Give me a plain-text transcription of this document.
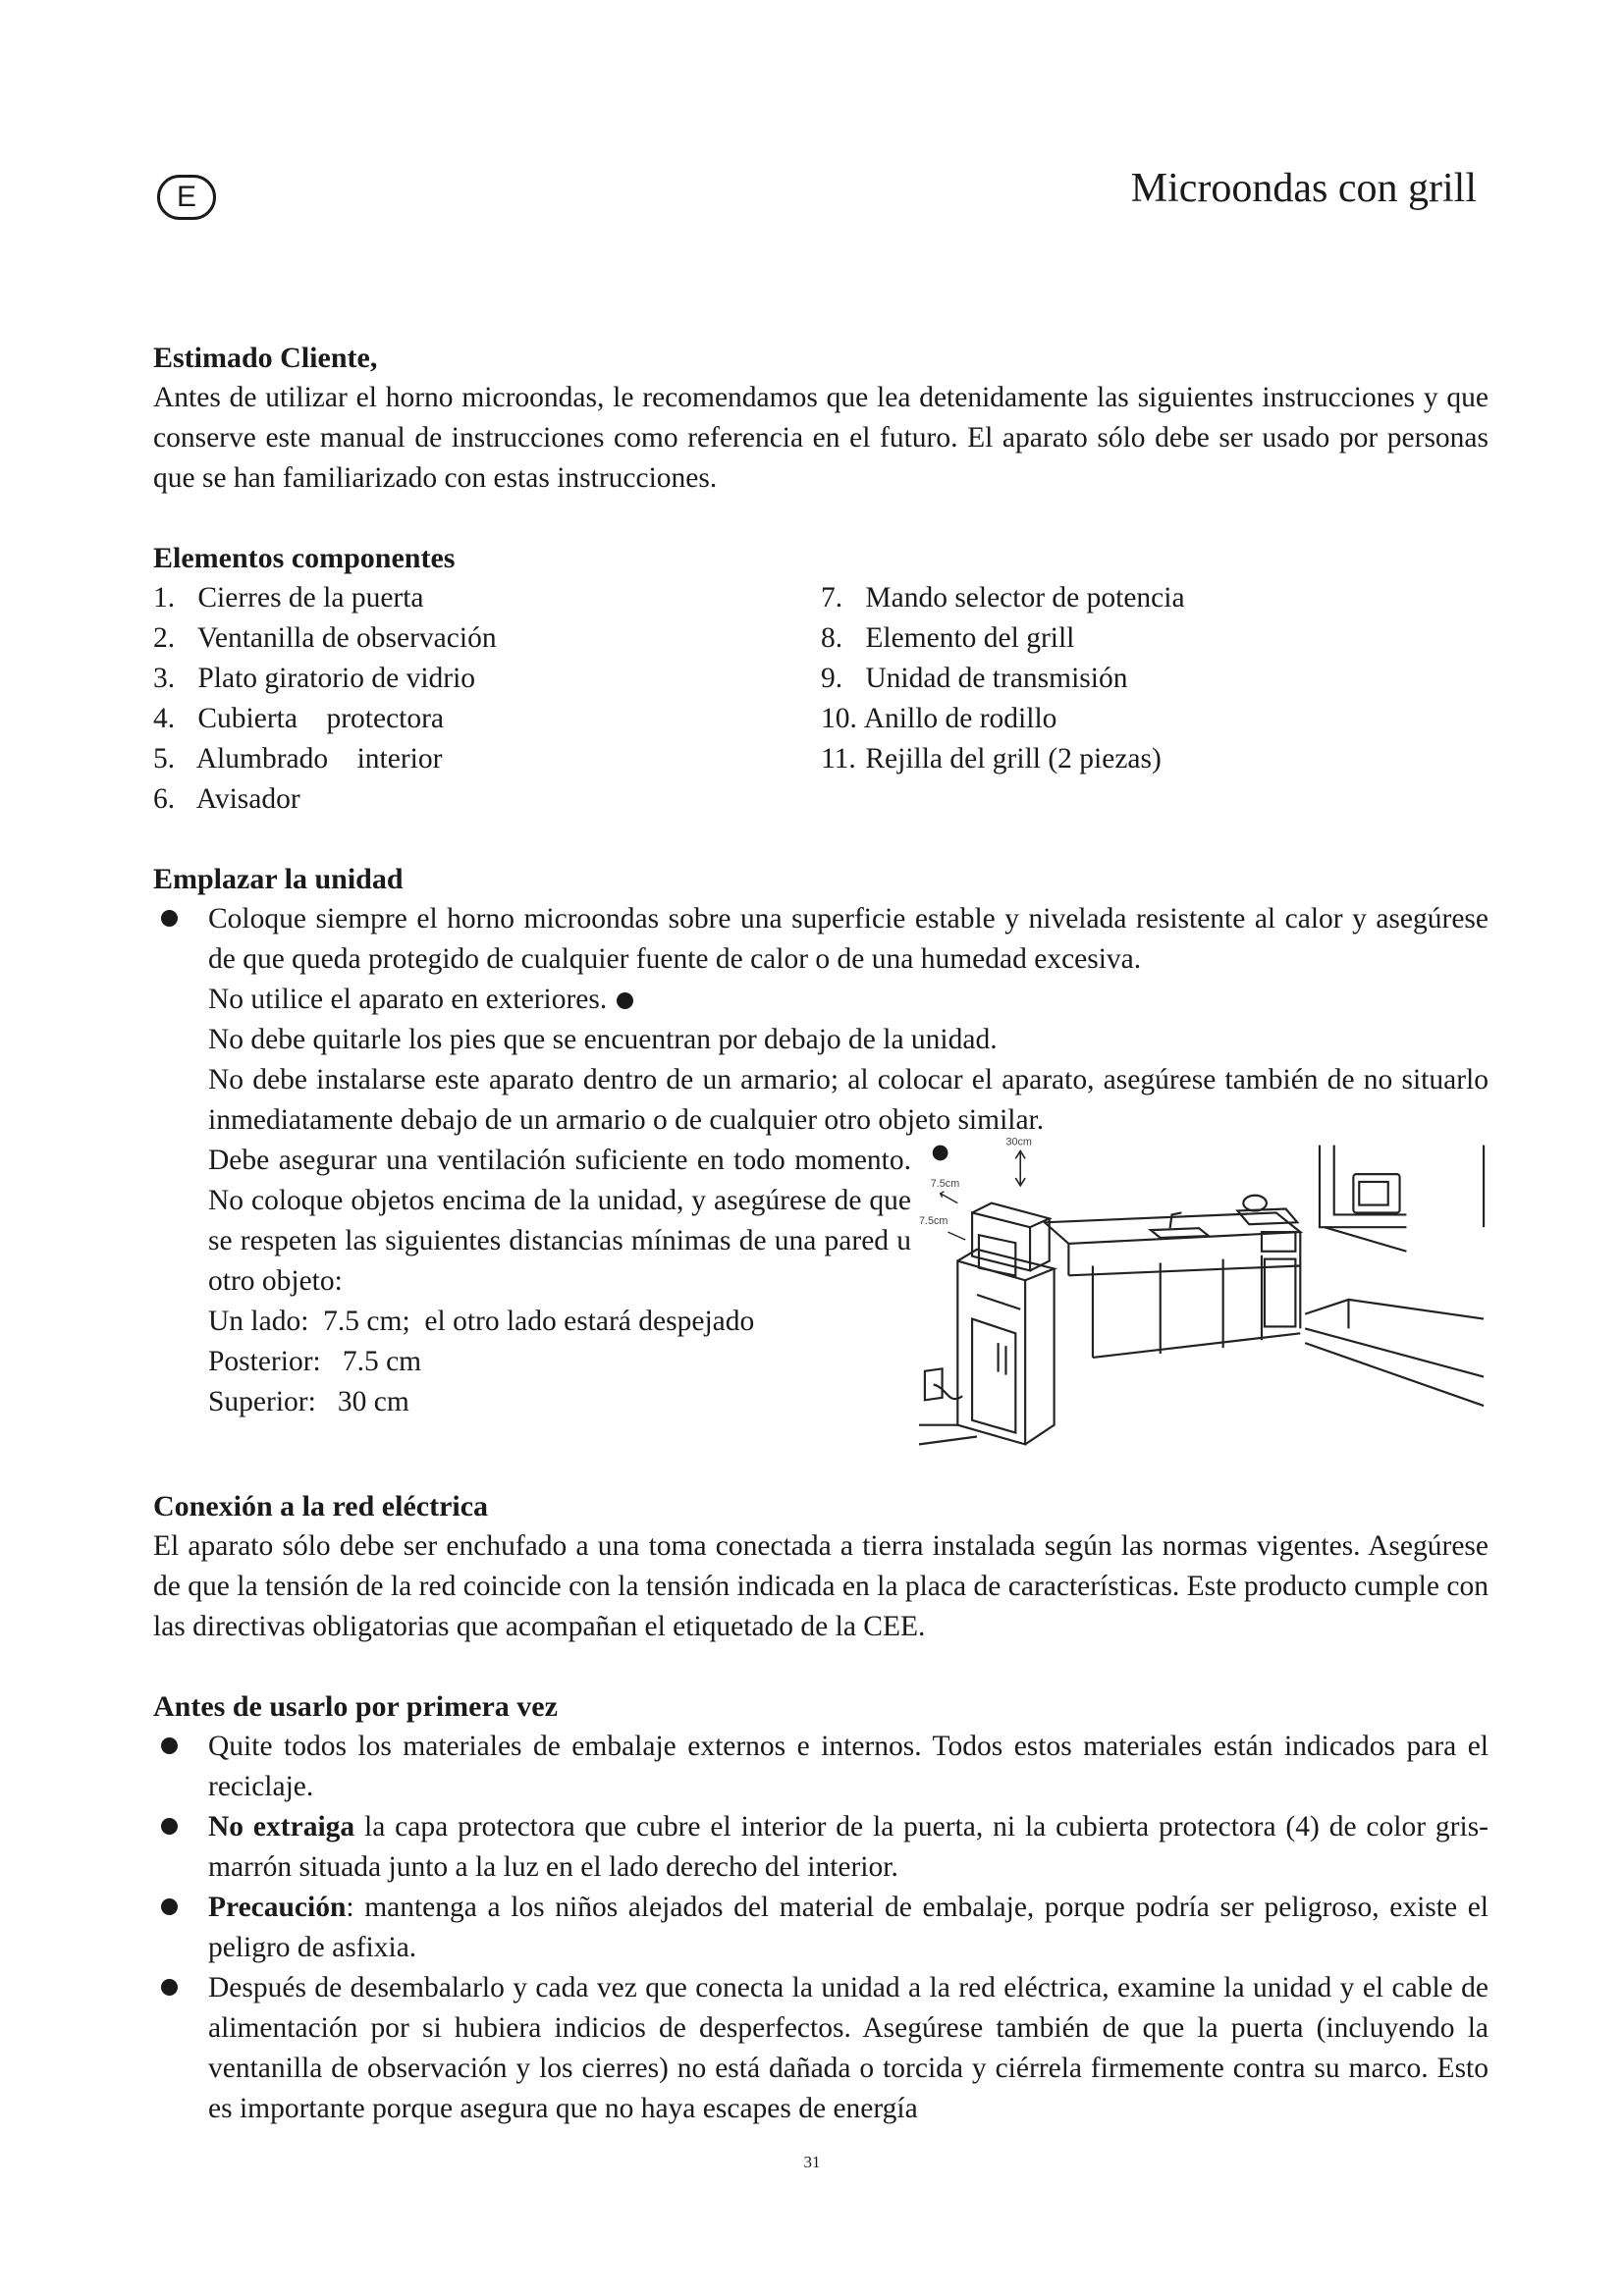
E	Microondas con grill
Estimado Cliente,

Antes de utilizar el horno microondas, le recomendamos que lea detenidamente las siguientes instrucciones y que conserve este manual de instrucciones como referencia en el futuro. El aparato sólo debe ser usado por personas que se han familiarizado con estas instrucciones.

Elementos componentes
1. Cierres de la puerta
2. Ventanilla de observación
3. Plato giratorio de vidrio
4. Cubierta    protectora
5. Alumbrado    interior
6. Avisador
7. Mando selector de potencia
8. Elemento del grill
9. Unidad de transmisión
10. Anillo de rodillo
11. Rejilla del grill (2 piezas)
Emplazar la unidad
Coloque siempre el horno microondas sobre una superficie estable y nivelada resistente al calor y asegúrese de que queda protegido de cualquier fuente de calor o de una humedad excesiva.

No utilice el aparato en exteriores.

No debe quitarle los pies que se encuentran por debajo de la unidad.

No debe instalarse este aparato dentro de un armario; al colocar el aparato, asegúrese también de no situarlo inmediatamente debajo de un armario o de cualquier otro objeto similar.

Debe asegurar una ventilación suficiente en todo momento. No coloque objetos encima de la unidad, y asegúrese de que se respeten las siguientes distancias mínimas de una pared u otro objeto:

Un lado:  7.5 cm;  el otro lado estará despejado

Posterior:   7.5 cm

Superior:   30 cm

30cm
7.5cm
7.5cm
Conexión a la red eléctrica

El aparato sólo debe ser enchufado a una toma conectada a tierra instalada según las normas vigentes. Asegúrese de que la tensión de la red coincide con la tensión indicada en la placa de características. Este producto cumple con las directivas obligatorias que acompañan el etiquetado de la CEE.

Antes de usarlo por primera vez
Quite todos los materiales de embalaje externos e internos. Todos estos materiales están indicados para el reciclaje.
No extraiga la capa protectora que cubre el interior de la puerta, ni la cubierta protectora (4) de color gris-marrón situada junto a la luz en el lado derecho del interior.
Precaución: mantenga a los niños alejados del material de embalaje, porque podría ser peligroso, existe el peligro de asfixia.
Después de desembalarlo y cada vez que conecta la unidad a la red eléctrica, examine la unidad y el cable de alimentación por si hubiera indicios de desperfectos. Asegúrese también de que la puerta (incluyendo la ventanilla de observación y los cierres) no está dañada o torcida y ciérrela firmemente contra su marco. Esto es importante porque asegura que no haya escapes de energía
31
